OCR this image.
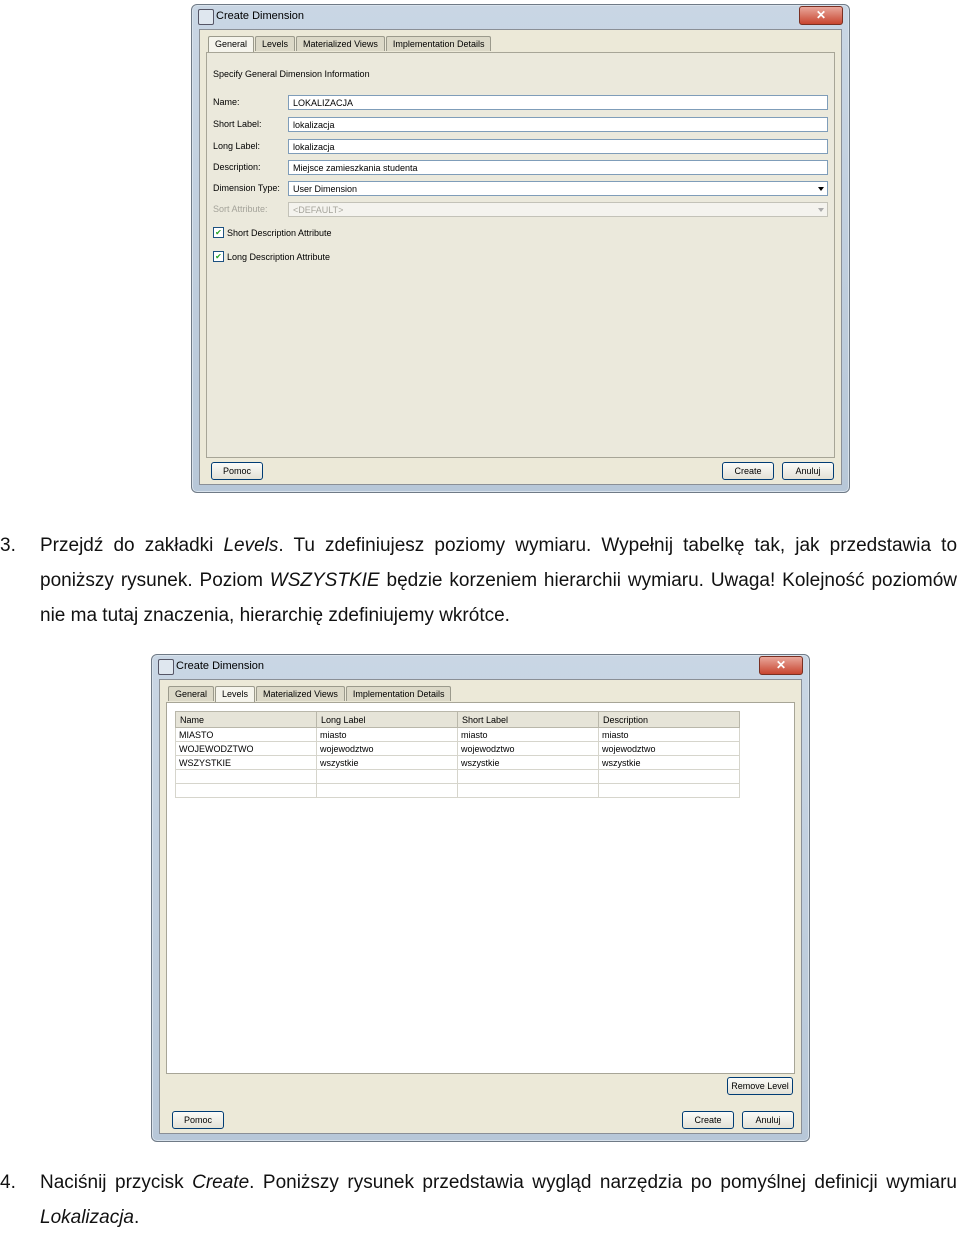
Create Dimension	✕
General	Levels	Materialized Views	Implementation Details
Specify General Dimension Information
Name:	LOKALIZACJA
Short Label:	lokalizacja
Long Label:	lokalizacja
Description:	Miejsce zamieszkania studenta
Dimension Type:	User Dimension
Sort Attribute:	<DEFAULT>
✔ Short Description Attribute
✔ Long Description Attribute
Pomoc	Create	Anuluj
3. Przejdź do zakładki Levels. Tu zdefiniujesz poziomy wymiaru. Wypełnij tabelkę tak, jak przedstawia to poniższy rysunek. Poziom WSZYSTKIE będzie korzeniem hierarchii wymiaru. Uwaga! Kolejność poziomów nie ma tutaj znaczenia, hierarchię zdefiniujemy wkrótce.

Create Dimension	✕
General	Levels	Materialized Views	Implementation Details
Name	Long Label	Short Label	Description
MIASTO	miasto	miasto	miasto
WOJEWODZTWO	wojewodztwo	wojewodztwo	wojewodztwo
WSZYSTKIE	wszystkie	wszystkie	wszystkie

Remove Level
Pomoc	Create	Anuluj
4. Naciśnij przycisk Create. Poniższy rysunek przedstawia wygląd narzędzia po pomyślnej definicji wymiaru Lokalizacja.
